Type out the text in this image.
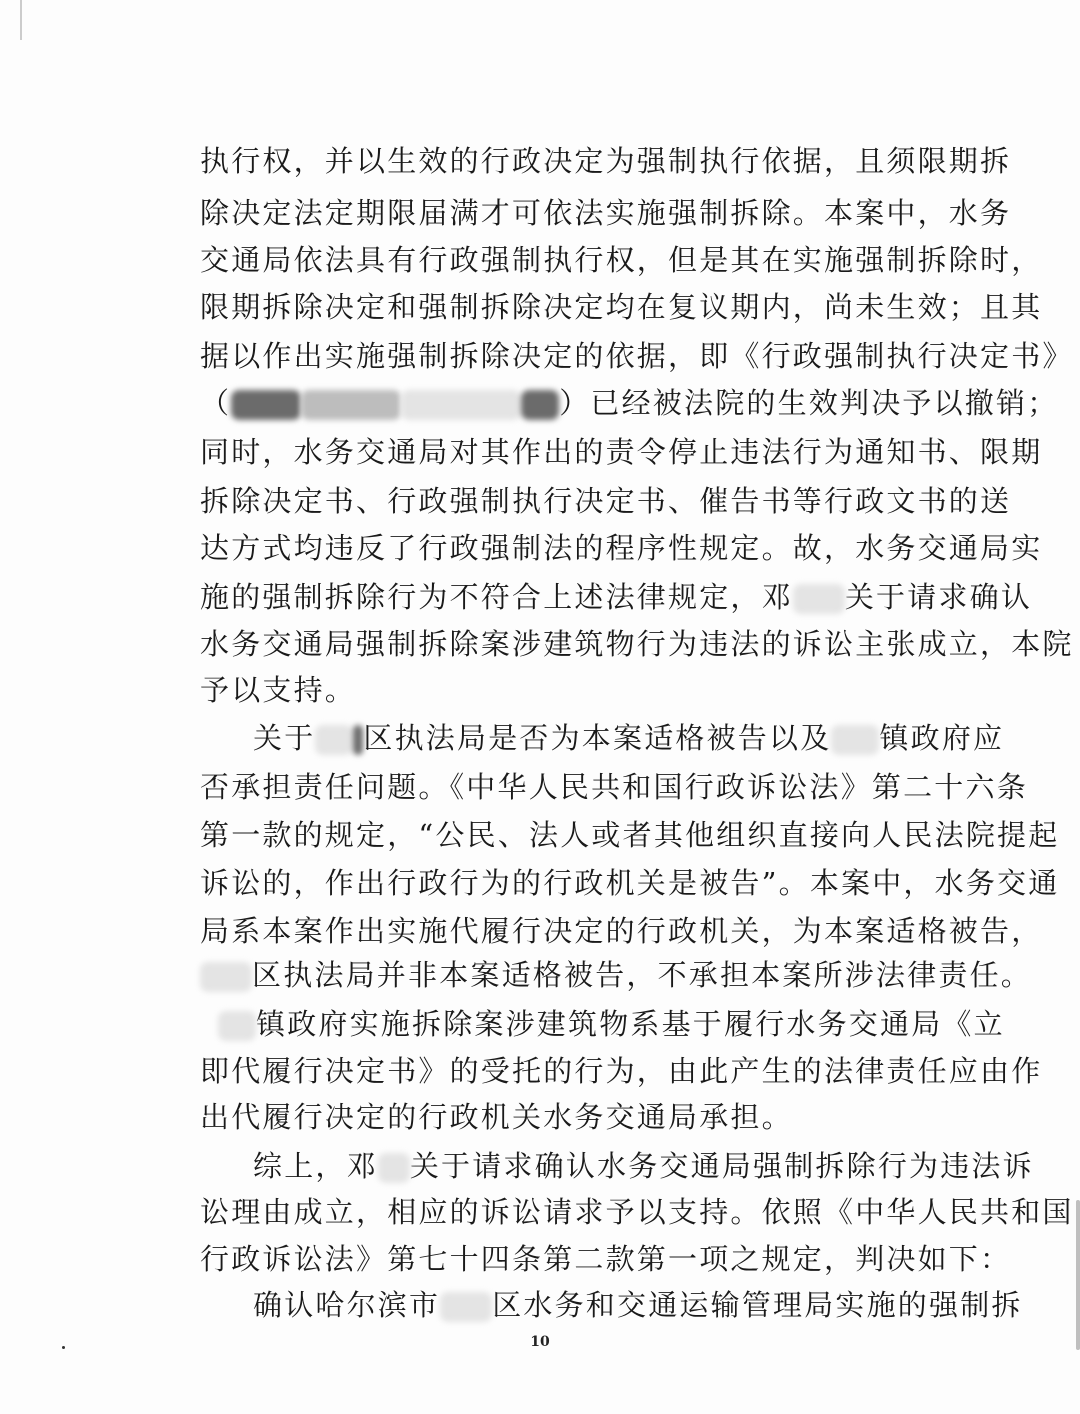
执行权，并以生效的行政决定为强制执行依据，且须限期拆
除决定法定期限届满才可依法实施强制拆除。本案中，水务
交通局依法具有行政强制执行权，但是其在实施强制拆除时，
限期拆除决定和强制拆除决定均在复议期内，尚未生效；且其
据以作出实施强制拆除决定的依据，即《行政强制执行决定书》
（	）已经被法院的生效判决予以撤销；
同时，水务交通局对其作出的责令停止违法行为通知书、限期
拆除决定书、行政强制执行决定书、催告书等行政文书的送
达方式均违反了行政强制法的程序性规定。故，水务交通局实
施的强制拆除行为不符合上述法律规定，邓 关于请求确认
水务交通局强制拆除案涉建筑物行为违法的诉讼主张成立，本院
予以支持。
关于 区执法局是否为本案适格被告以及 镇政府应
否承担责任问题。《中华人民共和国行政诉讼法》第二十六条
第一款的规定，“公民、法人或者其他组织直接向人民法院提起
诉讼的，作出行政行为的行政机关是被告”。本案中，水务交通
局系本案作出实施代履行决定的行政机关，为本案适格被告，
区执法局并非本案适格被告，不承担本案所涉法律责任。
镇政府实施拆除案涉建筑物系基于履行水务交通局《立
即代履行决定书》的受托的行为，由此产生的法律责任应由作
出代履行决定的行政机关水务交通局承担。
综上，邓 关于请求确认水务交通局强制拆除行为违法诉
讼理由成立，相应的诉讼请求予以支持。依照《中华人民共和国
行政诉讼法》第七十四条第二款第一项之规定，判决如下：
确认哈尔滨市 区水务和交通运输管理局实施的强制拆
10
